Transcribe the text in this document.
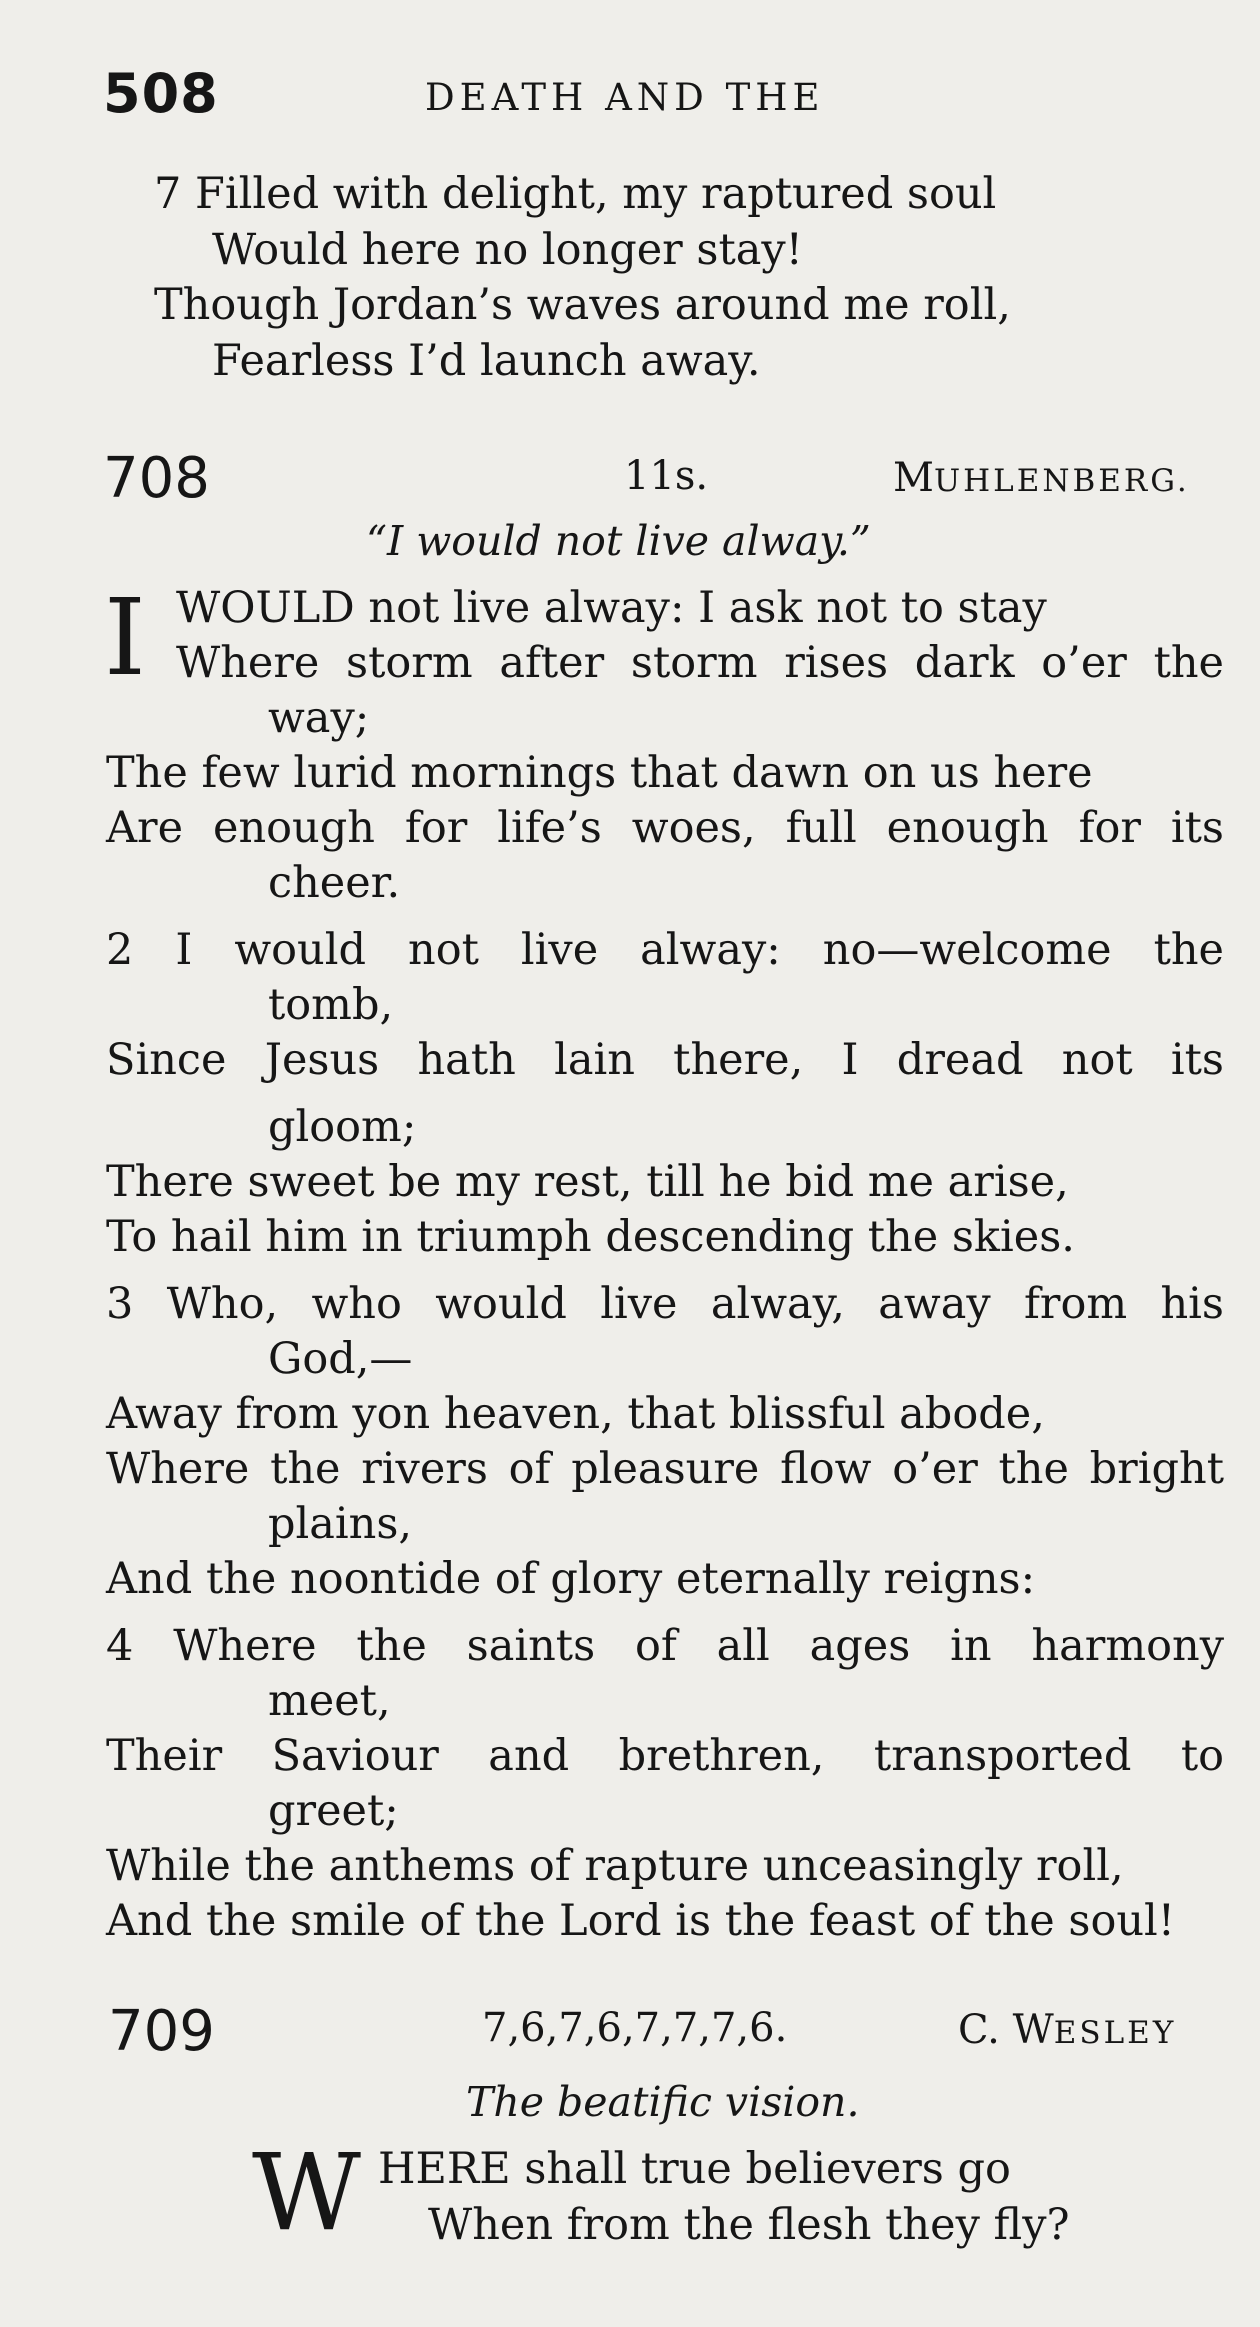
508	DEATH AND THE
7 Filled with delight, my raptured soul
Would here no longer stay!
Though Jordan’s waves around me roll,
Fearless I’d launch away.
708	11s.	MUHLENBERG.
“I would not live alway.”
I WOULD not live alway: I ask not to stay
Where storm after storm rises dark o’er the
way;
The few lurid mornings that dawn on us here
Are enough for life’s woes, full enough for its
cheer.
2 I would not live alway: no—welcome the
tomb,
Since Jesus hath lain there, I dread not its
gloom;
There sweet be my rest, till he bid me arise,
To hail him in triumph descending the skies.
3 Who, who would live alway, away from his
God,—
Away from yon heaven, that blissful abode,
Where the rivers of pleasure flow o’er the bright
plains,
And the noontide of glory eternally reigns:
4 Where the saints of all ages in harmony
meet,
Their Saviour and brethren, transported to
greet;
While the anthems of rapture unceasingly roll,
And the smile of the Lord is the feast of the soul!
709	7,6,7,6,7,7,7,6.	C. WESLEY
The beatific vision.
W HERE shall true believers go
When from the flesh they fly?
